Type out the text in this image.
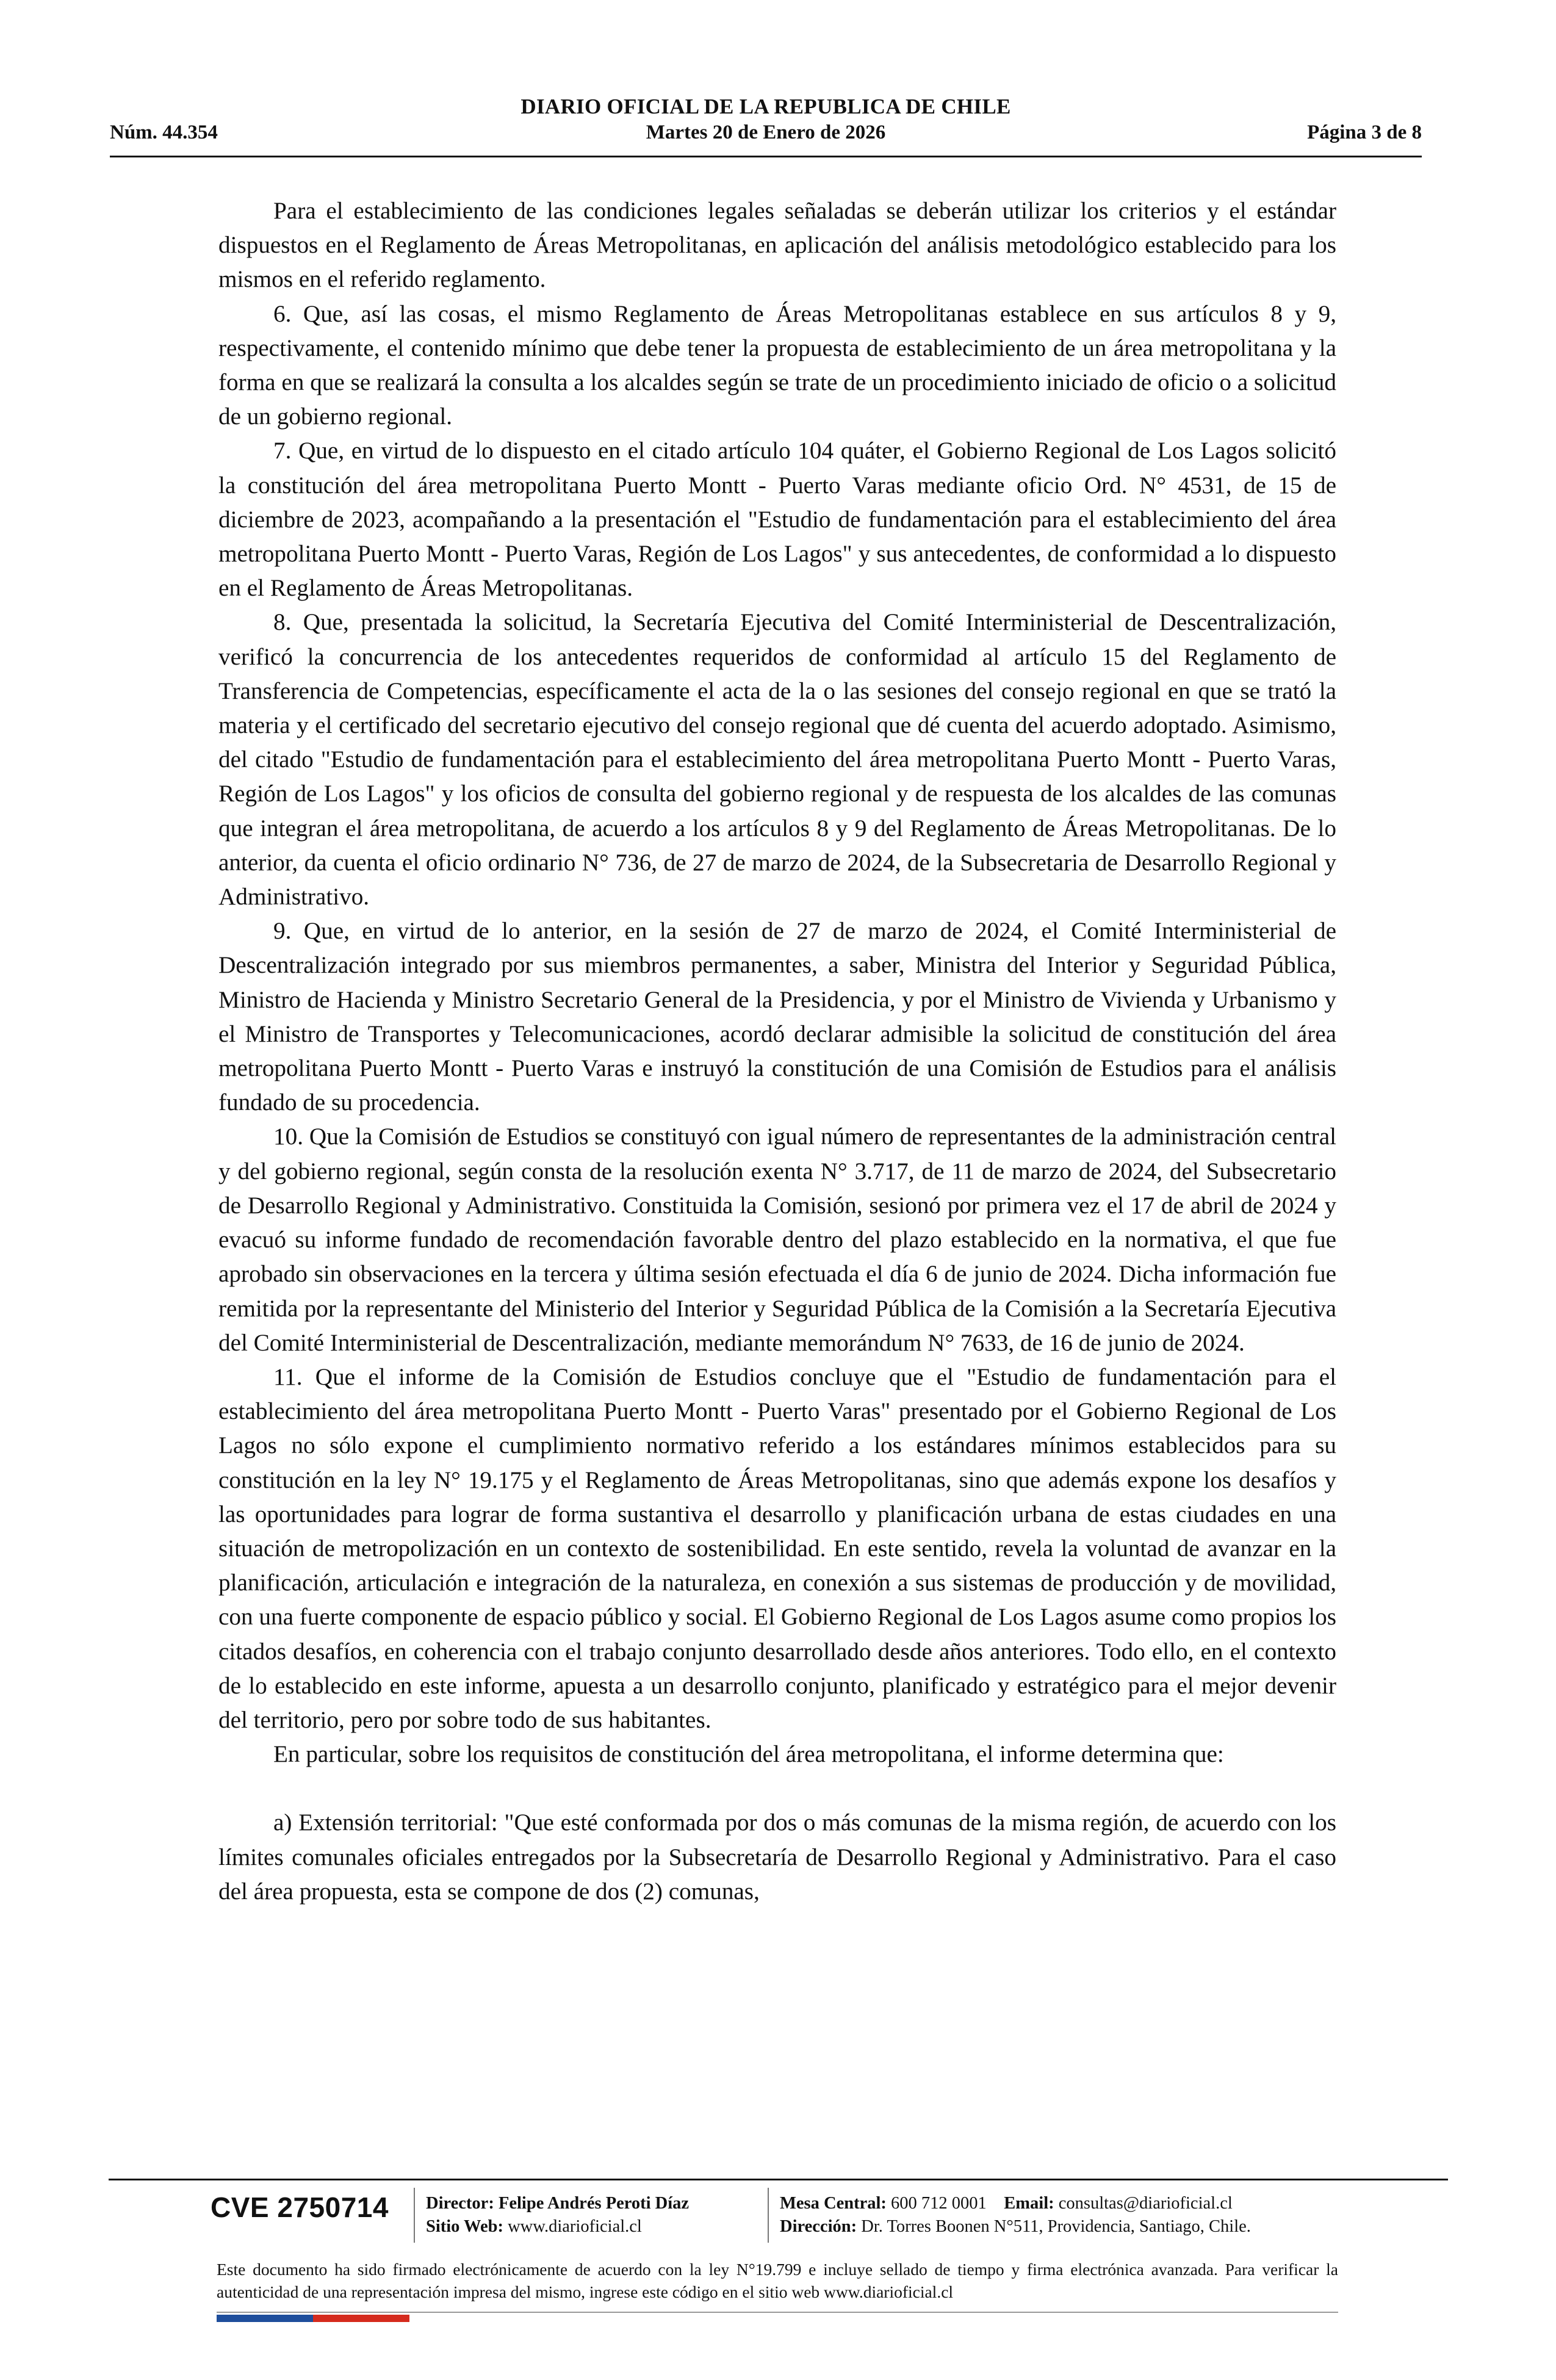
DIARIO OFICIAL DE LA REPUBLICA DE CHILE
Núm. 44.354	Martes 20 de Enero de 2026	Página 3 de 8

Para el establecimiento de las condiciones legales señaladas se deberán utilizar los criterios y el estándar dispuestos en el Reglamento de Áreas Metropolitanas, en aplicación del análisis metodológico establecido para los mismos en el referido reglamento.

6. Que, así las cosas, el mismo Reglamento de Áreas Metropolitanas establece en sus artículos 8 y 9, respectivamente, el contenido mínimo que debe tener la propuesta de establecimiento de un área metropolitana y la forma en que se realizará la consulta a los alcaldes según se trate de un procedimiento iniciado de oficio o a solicitud de un gobierno regional.

7. Que, en virtud de lo dispuesto en el citado artículo 104 quáter, el Gobierno Regional de Los Lagos solicitó la constitución del área metropolitana Puerto Montt - Puerto Varas mediante oficio Ord. N° 4531, de 15 de diciembre de 2023, acompañando a la presentación el "Estudio de fundamentación para el establecimiento del área metropolitana Puerto Montt - Puerto Varas, Región de Los Lagos" y sus antecedentes, de conformidad a lo dispuesto en el Reglamento de Áreas Metropolitanas.

8. Que, presentada la solicitud, la Secretaría Ejecutiva del Comité Interministerial de Descentralización, verificó la concurrencia de los antecedentes requeridos de conformidad al artículo 15 del Reglamento de Transferencia de Competencias, específicamente el acta de la o las sesiones del consejo regional en que se trató la materia y el certificado del secretario ejecutivo del consejo regional que dé cuenta del acuerdo adoptado. Asimismo, del citado "Estudio de fundamentación para el establecimiento del área metropolitana Puerto Montt - Puerto Varas, Región de Los Lagos" y los oficios de consulta del gobierno regional y de respuesta de los alcaldes de las comunas que integran el área metropolitana, de acuerdo a los artículos 8 y 9 del Reglamento de Áreas Metropolitanas. De lo anterior, da cuenta el oficio ordinario N° 736, de 27 de marzo de 2024, de la Subsecretaria de Desarrollo Regional y Administrativo.

9. Que, en virtud de lo anterior, en la sesión de 27 de marzo de 2024, el Comité Interministerial de Descentralización integrado por sus miembros permanentes, a saber, Ministra del Interior y Seguridad Pública, Ministro de Hacienda y Ministro Secretario General de la Presidencia, y por el Ministro de Vivienda y Urbanismo y el Ministro de Transportes y Telecomunicaciones, acordó declarar admisible la solicitud de constitución del área metropolitana Puerto Montt - Puerto Varas e instruyó la constitución de una Comisión de Estudios para el análisis fundado de su procedencia.

10. Que la Comisión de Estudios se constituyó con igual número de representantes de la administración central y del gobierno regional, según consta de la resolución exenta N° 3.717, de 11 de marzo de 2024, del Subsecretario de Desarrollo Regional y Administrativo. Constituida la Comisión, sesionó por primera vez el 17 de abril de 2024 y evacuó su informe fundado de recomendación favorable dentro del plazo establecido en la normativa, el que fue aprobado sin observaciones en la tercera y última sesión efectuada el día 6 de junio de 2024. Dicha información fue remitida por la representante del Ministerio del Interior y Seguridad Pública de la Comisión a la Secretaría Ejecutiva del Comité Interministerial de Descentralización, mediante memorándum N° 7633, de 16 de junio de 2024.

11. Que el informe de la Comisión de Estudios concluye que el "Estudio de fundamentación para el establecimiento del área metropolitana Puerto Montt - Puerto Varas" presentado por el Gobierno Regional de Los Lagos no sólo expone el cumplimiento normativo referido a los estándares mínimos establecidos para su constitución en la ley N° 19.175 y el Reglamento de Áreas Metropolitanas, sino que además expone los desafíos y las oportunidades para lograr de forma sustantiva el desarrollo y planificación urbana de estas ciudades en una situación de metropolización en un contexto de sostenibilidad. En este sentido, revela la voluntad de avanzar en la planificación, articulación e integración de la naturaleza, en conexión a sus sistemas de producción y de movilidad, con una fuerte componente de espacio público y social. El Gobierno Regional de Los Lagos asume como propios los citados desafíos, en coherencia con el trabajo conjunto desarrollado desde años anteriores. Todo ello, en el contexto de lo establecido en este informe, apuesta a un desarrollo conjunto, planificado y estratégico para el mejor devenir del territorio, pero por sobre todo de sus habitantes.

En particular, sobre los requisitos de constitución del área metropolitana, el informe determina que:

a) Extensión territorial: "Que esté conformada por dos o más comunas de la misma región, de acuerdo con los límites comunales oficiales entregados por la Subsecretaría de Desarrollo Regional y Administrativo. Para el caso del área propuesta, esta se compone de dos (2) comunas,

CVE 2750714 Director: Felipe Andrés Peroti Díaz
Sitio Web: www.diarioficial.cl
Mesa Central: 600 712 0001 Email: consultas@diarioficial.cl
Dirección: Dr. Torres Boonen N°511, Providencia, Santiago, Chile.
Este documento ha sido firmado electrónicamente de acuerdo con la ley N°19.799 e incluye sellado de tiempo y firma electrónica avanzada. Para verificar la autenticidad de una representación impresa del mismo, ingrese este código en el sitio web www.diarioficial.cl
